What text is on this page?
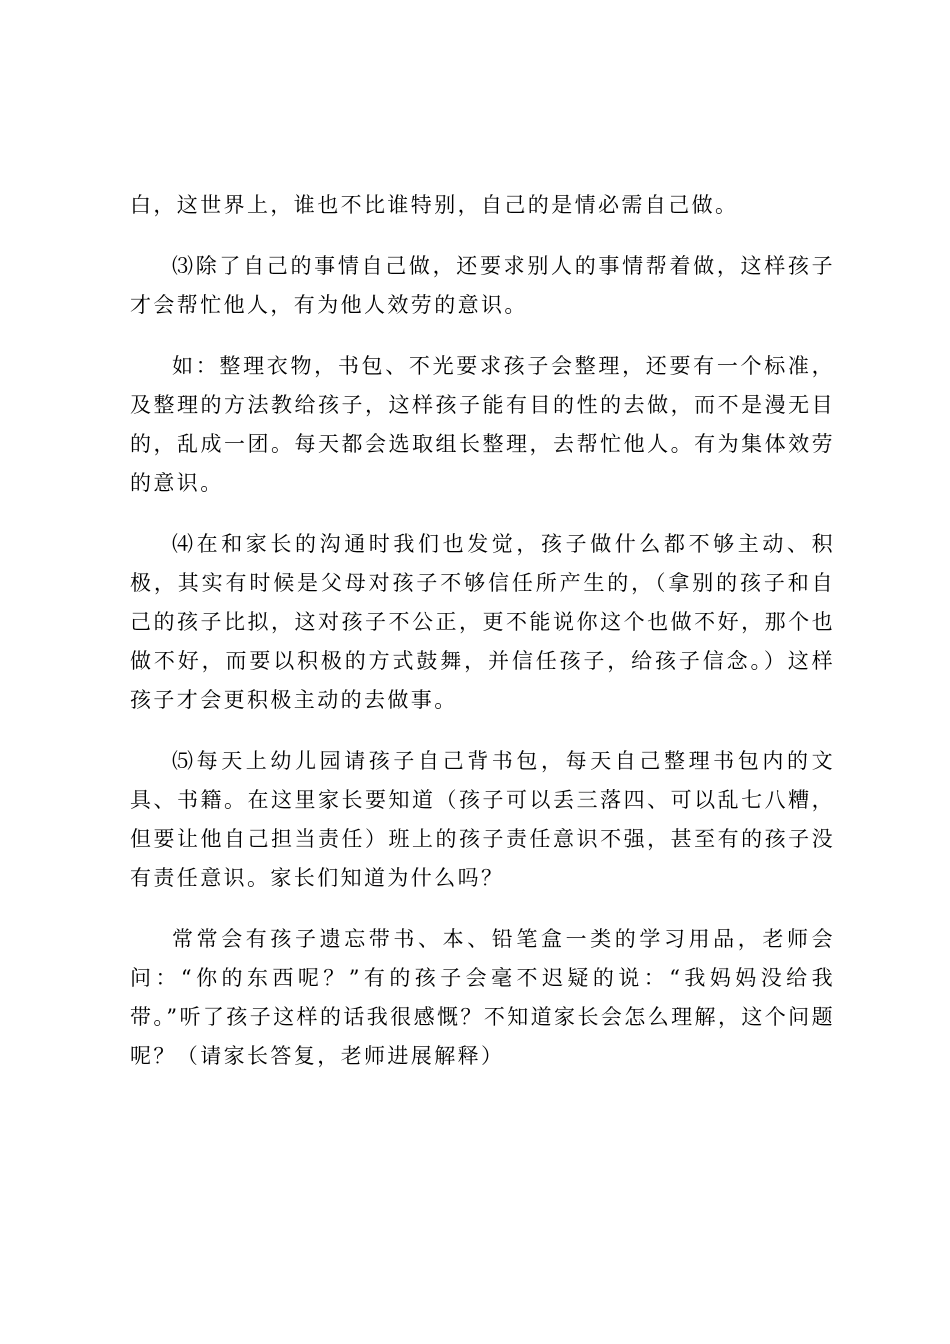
白，这世界上，谁也不比谁特别，自己的是情必需自己做。

⑶除了自己的事情自己做，还要求别人的事情帮着做，这样孩子才会帮忙他人，有为他人效劳的意识。

如：整理衣物，书包、不光要求孩子会整理，还要有一个标准，及整理的方法教给孩子，这样孩子能有目的性的去做，而不是漫无目的，乱成一团。每天都会选取组长整理，去帮忙他人。有为集体效劳的意识。

⑷在和家长的沟通时我们也发觉，孩子做什么都不够主动、积极，其实有时候是父母对孩子不够信任所产生的，（拿别的孩子和自己的孩子比拟，这对孩子不公正，更不能说你这个也做不好，那个也做不好，而要以积极的方式鼓舞，并信任孩子，给孩子信念。）这样孩子才会更积极主动的去做事。

⑸每天上幼儿园请孩子自己背书包，每天自己整理书包内的文具、书籍。在这里家长要知道（孩子可以丢三落四、可以乱七八糟，但要让他自己担当责任）班上的孩子责任意识不强，甚至有的孩子没有责任意识。家长们知道为什么吗？

常常会有孩子遗忘带书、本、铅笔盒一类的学习用品，老师会问：“你的东西呢？”有的孩子会毫不迟疑的说：“我妈妈没给我带。”听了孩子这样的话我很感慨？不知道家长会怎么理解，这个问题呢？（请家长答复，老师进展解释）
